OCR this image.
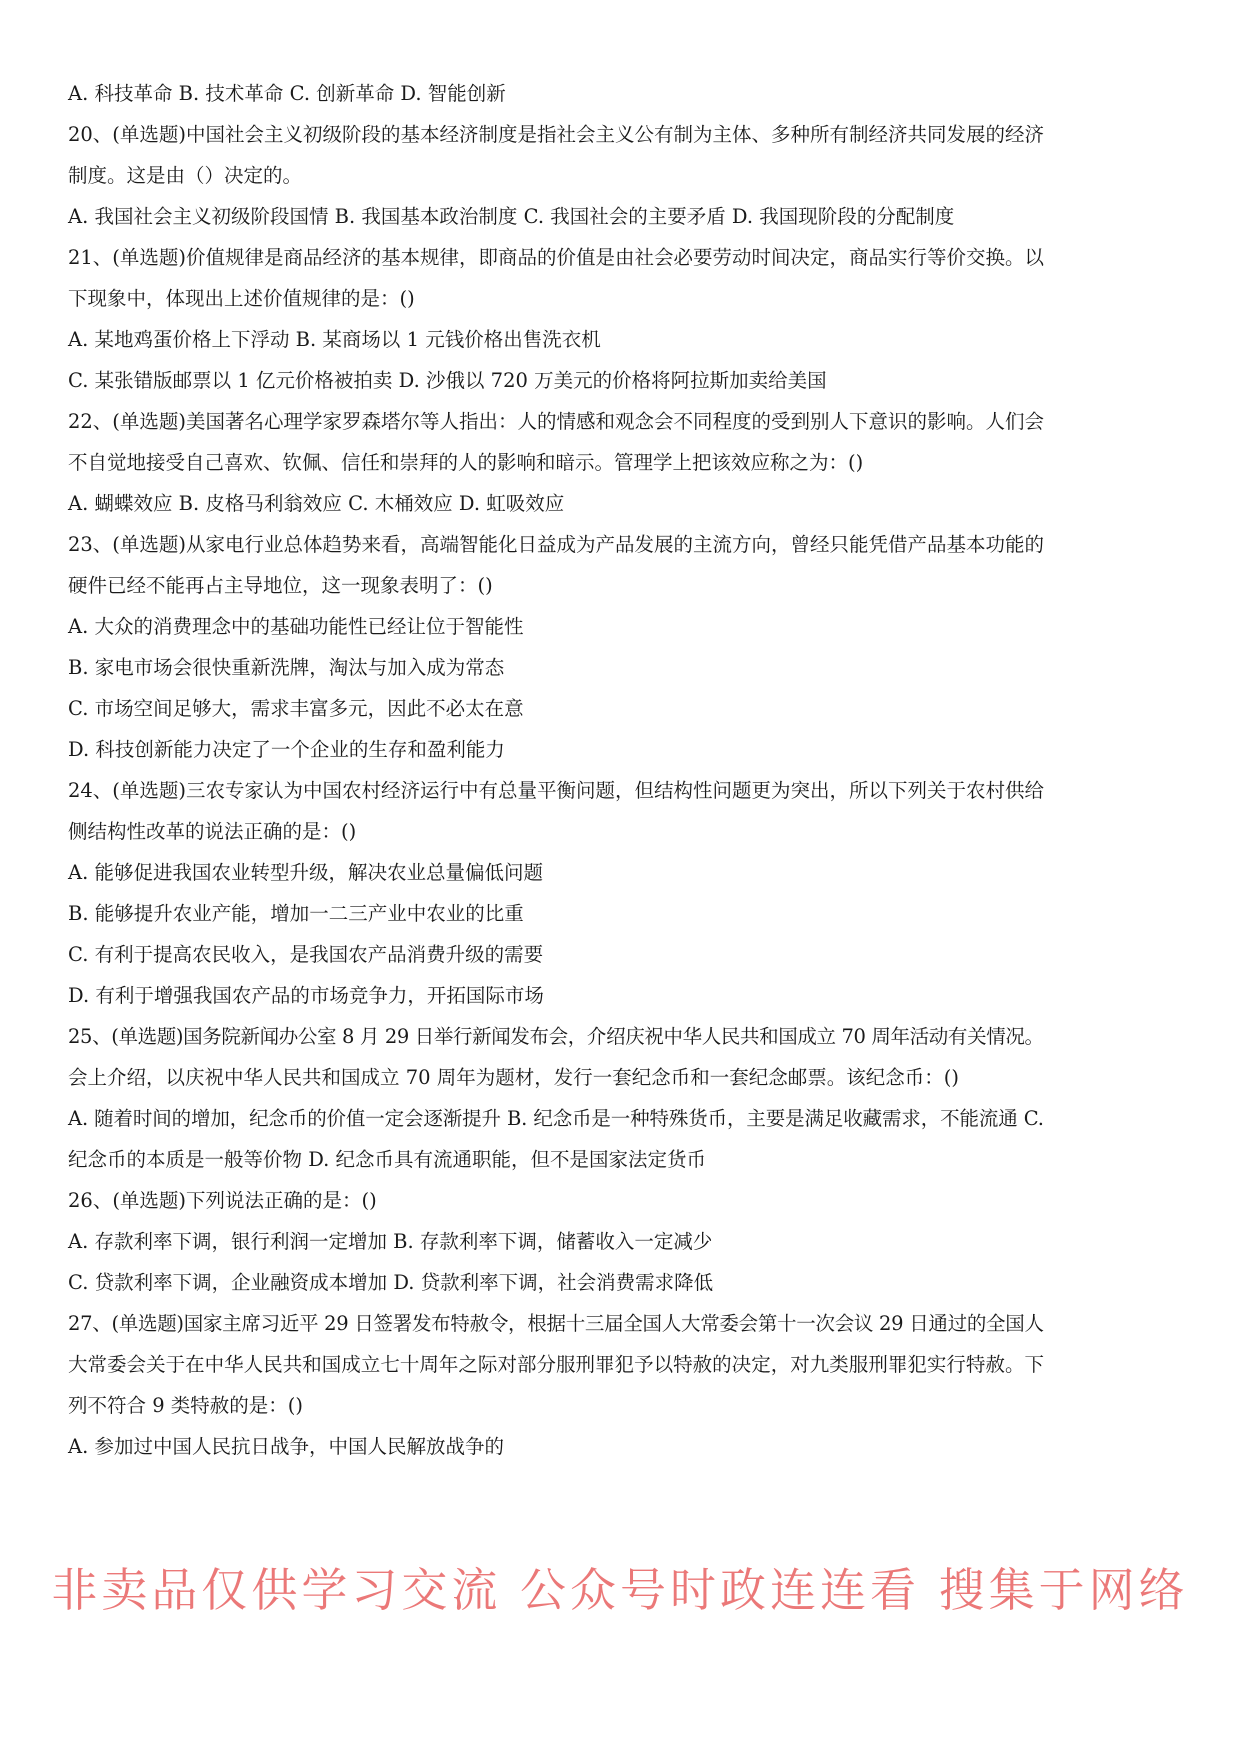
A. 科技革命 B. 技术革命 C. 创新革命 D. 智能创新
20、(单选题)中国社会主义初级阶段的基本经济制度是指社会主义公有制为主体、多种所有制经济共同发展的经济
制度。这是由（）决定的。
A. 我国社会主义初级阶段国情 B. 我国基本政治制度 C. 我国社会的主要矛盾 D. 我国现阶段的分配制度
21、(单选题)价值规律是商品经济的基本规律，即商品的价值是由社会必要劳动时间决定，商品实行等价交换。以
下现象中，体现出上述价值规律的是：()
A. 某地鸡蛋价格上下浮动 B. 某商场以 1 元钱价格出售洗衣机
C. 某张错版邮票以 1 亿元价格被拍卖 D. 沙俄以 720 万美元的价格将阿拉斯加卖给美国
22、(单选题)美国著名心理学家罗森塔尔等人指出：人的情感和观念会不同程度的受到别人下意识的影响。人们会
不自觉地接受自己喜欢、钦佩、信任和崇拜的人的影响和暗示。管理学上把该效应称之为：()
A. 蝴蝶效应 B. 皮格马利翁效应 C. 木桶效应 D. 虹吸效应
23、(单选题)从家电行业总体趋势来看，高端智能化日益成为产品发展的主流方向，曾经只能凭借产品基本功能的
硬件已经不能再占主导地位，这一现象表明了：()
A. 大众的消费理念中的基础功能性已经让位于智能性
B. 家电市场会很快重新洗牌，淘汰与加入成为常态
C. 市场空间足够大，需求丰富多元，因此不必太在意
D. 科技创新能力决定了一个企业的生存和盈利能力
24、(单选题)三农专家认为中国农村经济运行中有总量平衡问题，但结构性问题更为突出，所以下列关于农村供给
侧结构性改革的说法正确的是：()
A. 能够促进我国农业转型升级，解决农业总量偏低问题
B. 能够提升农业产能，增加一二三产业中农业的比重
C. 有利于提高农民收入，是我国农产品消费升级的需要
D. 有利于增强我国农产品的市场竞争力，开拓国际市场
25、(单选题)国务院新闻办公室 8 月 29 日举行新闻发布会，介绍庆祝中华人民共和国成立 70 周年活动有关情况。
会上介绍，以庆祝中华人民共和国成立 70 周年为题材，发行一套纪念币和一套纪念邮票。该纪念币：()
A. 随着时间的增加，纪念币的价值一定会逐渐提升 B. 纪念币是一种特殊货币，主要是满足收藏需求，不能流通 C.
纪念币的本质是一般等价物 D. 纪念币具有流通职能，但不是国家法定货币
26、(单选题)下列说法正确的是：()
A. 存款利率下调，银行利润一定增加 B. 存款利率下调，储蓄收入一定减少
C. 贷款利率下调，企业融资成本增加 D. 贷款利率下调，社会消费需求降低
27、(单选题)国家主席习近平 29 日签署发布特赦令，根据十三届全国人大常委会第十一次会议 29 日通过的全国人
大常委会关于在中华人民共和国成立七十周年之际对部分服刑罪犯予以特赦的决定，对九类服刑罪犯实行特赦。下
列不符合 9 类特赦的是：()
A. 参加过中国人民抗日战争，中国人民解放战争的
非卖品仅供学习交流 公众号时政连连看 搜集于网络
